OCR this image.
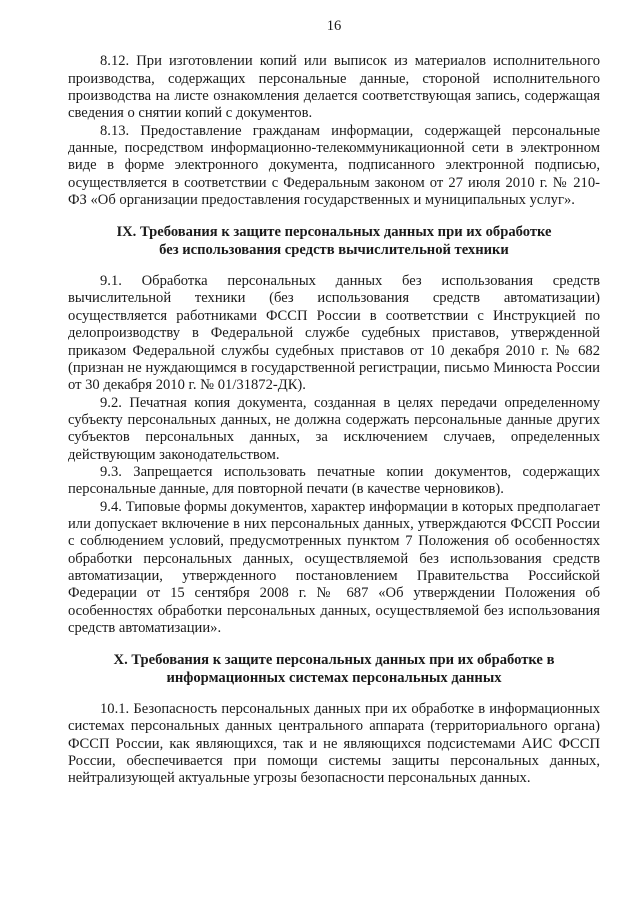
16

8.12. При изготовлении копий или выписок из материалов исполнительного производства, содержащих персональные данные, стороной исполнительного производства на листе ознакомления делается соответствующая запись, содержащая сведения о снятии копий с документов.

8.13. Предоставление гражданам информации, содержащей персональные данные, посредством информационно-телекоммуникационной сети в электронном виде в форме электронного документа, подписанного электронной подписью, осуществляется в соответствии с Федеральным законом от 27 июля 2010 г. № 210-ФЗ «Об организации предоставления государственных и муниципальных услуг».

IX. Требования к защите персональных данных при их обработке
без использования средств вычислительной техники

9.1. Обработка персональных данных без использования средств вычислительной техники (без использования средств автоматизации) осуществляется работниками ФССП России в соответствии с Инструкцией по делопроизводству в Федеральной службе судебных приставов, утвержденной приказом Федеральной службы судебных приставов от 10 декабря 2010 г. № 682 (признан не нуждающимся в государственной регистрации, письмо Минюста России от 30 декабря 2010 г. № 01/31872-ДК).

9.2. Печатная копия документа, созданная в целях передачи определенному субъекту персональных данных, не должна содержать персональные данные других субъектов персональных данных, за исключением случаев, определенных действующим законодательством.

9.3. Запрещается использовать печатные копии документов, содержащих персональные данные, для повторной печати (в качестве черновиков).

9.4. Типовые формы документов, характер информации в которых предполагает или допускает включение в них персональных данных, утверждаются ФССП России с соблюдением условий, предусмотренных пунктом 7 Положения об особенностях обработки персональных данных, осуществляемой без использования средств автоматизации, утвержденного постановлением Правительства Российской Федерации от 15 сентября 2008 г. № 687 «Об утверждении Положения об особенностях обработки персональных данных, осуществляемой без использования средств автоматизации».

X. Требования к защите персональных данных при их обработке в
информационных системах персональных данных

10.1. Безопасность персональных данных при их обработке в информационных системах персональных данных центрального аппарата (территориального органа) ФССП России, как являющихся, так и не являющихся подсистемами АИС ФССП России, обеспечивается при помощи системы защиты персональных данных, нейтрализующей актуальные угрозы безопасности персональных данных.
